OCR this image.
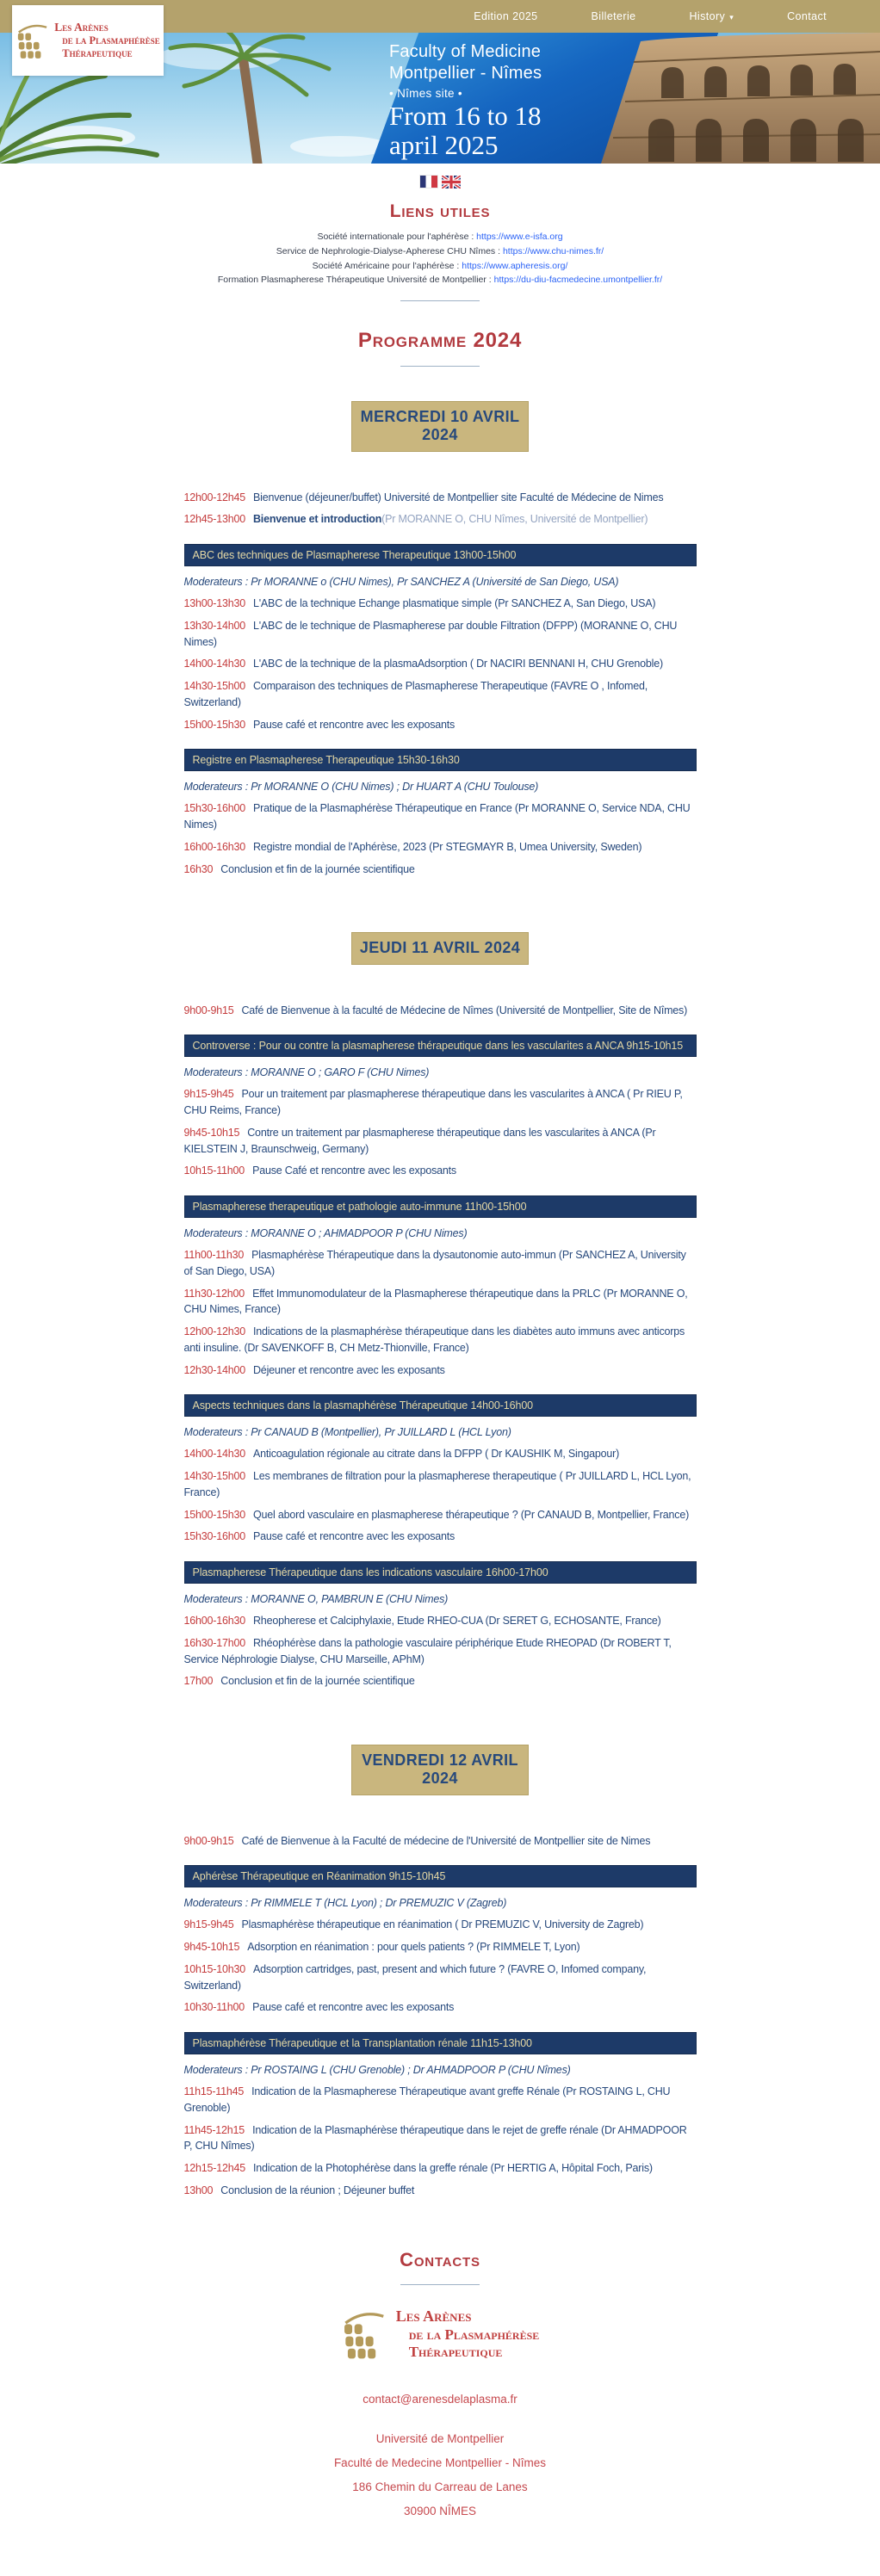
Edition 2025	Billeterie	History ▾	Contact
Les Arènes
de la Plasmaphérèse
Thérapeutique	Faculty of Medicine
Montpellier - Nîmes
• Nîmes site •
From 16 to 18
april 2025
Liens utiles
Société internationale pour l'aphérèse : https://www.e-isfa.org
Service de Nephrologie-Dialyse-Apherese CHU Nîmes : https://www.chu-nimes.fr/
Société Américaine pour l'aphérèse : https://www.apheresis.org/
Formation Plasmapherese Thérapeutique Université de Montpellier : https://du-diu-facmedecine.umontpellier.fr/
Programme 2024
MERCREDI 10 AVRIL 2024
12h00-12h45 Bienvenue (déjeuner/buffet) Université de Montpellier site Faculté de Médecine de Nimes
12h45-13h00 Bienvenue et introduction(Pr MORANNE O, CHU Nîmes, Université de Montpellier)
ABC des techniques de Plasmapherese Therapeutique 13h00-15h00
Moderateurs : Pr MORANNE o (CHU Nimes), Pr SANCHEZ A (Université de San Diego, USA)
13h00-13h30 L'ABC de la technique Echange plasmatique simple (Pr SANCHEZ A, San Diego, USA)
13h30-14h00 L'ABC de le technique de Plasmapherese par double Filtration (DFPP) (MORANNE O, CHU Nimes)
14h00-14h30 L'ABC de la technique de la plasmaAdsorption ( Dr NACIRI BENNANI H, CHU Grenoble)
14h30-15h00 Comparaison des techniques de Plasmapherese Therapeutique (FAVRE O , Infomed, Switzerland)
15h00-15h30 Pause café et rencontre avec les exposants
Registre en Plasmapherese Therapeutique 15h30-16h30
Moderateurs : Pr MORANNE O (CHU Nimes) ; Dr HUART A (CHU Toulouse)
15h30-16h00 Pratique de la Plasmaphérèse Thérapeutique en France (Pr MORANNE O, Service NDA, CHU Nimes)
16h00-16h30 Registre mondial de l'Aphérèse, 2023 (Pr STEGMAYR B, Umea University, Sweden)
16h30 Conclusion et fin de la journée scientifique
JEUDI 11 AVRIL 2024
9h00-9h15 Café de Bienvenue à la faculté de Médecine de Nîmes (Université de Montpellier, Site de Nîmes)
Controverse : Pour ou contre la plasmapherese thérapeutique dans les vascularites a ANCA 9h15-10h15
Moderateurs : MORANNE O ; GARO F (CHU Nimes)
9h15-9h45 Pour un traitement par plasmapherese thérapeutique dans les vascularites à ANCA ( Pr RIEU P, CHU Reims, France)
9h45-10h15 Contre un traitement par plasmapherese thérapeutique dans les vascularites à ANCA (Pr KIELSTEIN J, Braunschweig, Germany)
10h15-11h00 Pause Café et rencontre avec les exposants
Plasmapherese therapeutique et pathologie auto-immune 11h00-15h00
Moderateurs : MORANNE O ; AHMADPOOR P (CHU Nimes)
11h00-11h30 Plasmaphérèse Thérapeutique dans la dysautonomie auto-immun (Pr SANCHEZ A, University of San Diego, USA)
11h30-12h00 Effet Immunomodulateur de la Plasmapherese thérapeutique dans la PRLC (Pr MORANNE O, CHU Nimes, France)
12h00-12h30 Indications de la plasmaphérèse thérapeutique dans les diabètes auto immuns avec anticorps anti insuline. (Dr SAVENKOFF B, CH Metz-Thionville, France)
12h30-14h00 Déjeuner et rencontre avec les exposants
Aspects techniques dans la plasmaphérèse Thérapeutique 14h00-16h00
Moderateurs : Pr CANAUD B (Montpellier), Pr JUILLARD L (HCL Lyon)
14h00-14h30 Anticoagulation régionale au citrate dans la DFPP ( Dr KAUSHIK M, Singapour)
14h30-15h00 Les membranes de filtration pour la plasmapherese therapeutique ( Pr JUILLARD L, HCL Lyon, France)
15h00-15h30 Quel abord vasculaire en plasmapherese thérapeutique ? (Pr CANAUD B, Montpellier, France)
15h30-16h00 Pause café et rencontre avec les exposants
Plasmapherese Thérapeutique dans les indications vasculaire 16h00-17h00
Moderateurs : MORANNE O, PAMBRUN E (CHU Nimes)
16h00-16h30 Rheopherese et Calciphylaxie, Etude RHEO-CUA (Dr SERET G, ECHOSANTE, France)
16h30-17h00 Rhéophérèse dans la pathologie vasculaire périphérique Etude RHEOPAD (Dr ROBERT T, Service Néphrologie Dialyse, CHU Marseille, APhM)
17h00 Conclusion et fin de la journée scientifique
VENDREDI 12 AVRIL 2024
9h00-9h15 Café de Bienvenue à la Faculté de médecine de l'Université de Montpellier site de Nimes
Aphérèse Thérapeutique en Réanimation 9h15-10h45
Moderateurs : Pr RIMMELE T (HCL Lyon) ; Dr PREMUZIC V (Zagreb)
9h15-9h45 Plasmaphérèse thérapeutique en réanimation ( Dr PREMUZIC V, University de Zagreb)
9h45-10h15 Adsorption en réanimation : pour quels patients ? (Pr RIMMELE T, Lyon)
10h15-10h30 Adsorption cartridges, past, present and which future ? (FAVRE O, Infomed company, Switzerland)
10h30-11h00 Pause café et rencontre avec les exposants
Plasmaphérèse Thérapeutique et la Transplantation rénale 11h15-13h00
Moderateurs : Pr ROSTAING L (CHU Grenoble) ; Dr AHMADPOOR P (CHU Nîmes)
11h15-11h45 Indication de la Plasmapherese Thérapeutique avant greffe Rénale (Pr ROSTAING L, CHU Grenoble)
11h45-12h15 Indication de la Plasmaphérèse thérapeutique dans le rejet de greffe rénale (Dr AHMADPOOR P, CHU Nîmes)
12h15-12h45 Indication de la Photophérèse dans la greffe rénale (Pr HERTIG A, Hôpital Foch, Paris)
13h00 Conclusion de la réunion ; Déjeuner buffet
Contacts
Les Arènes
de la Plasmaphérèse
Thérapeutique
contact@arenesdelaplasma.fr
Université de Montpellier
Faculté de Medecine Montpellier - Nîmes
186 Chemin du Carreau de Lanes
30900 NÎMES
